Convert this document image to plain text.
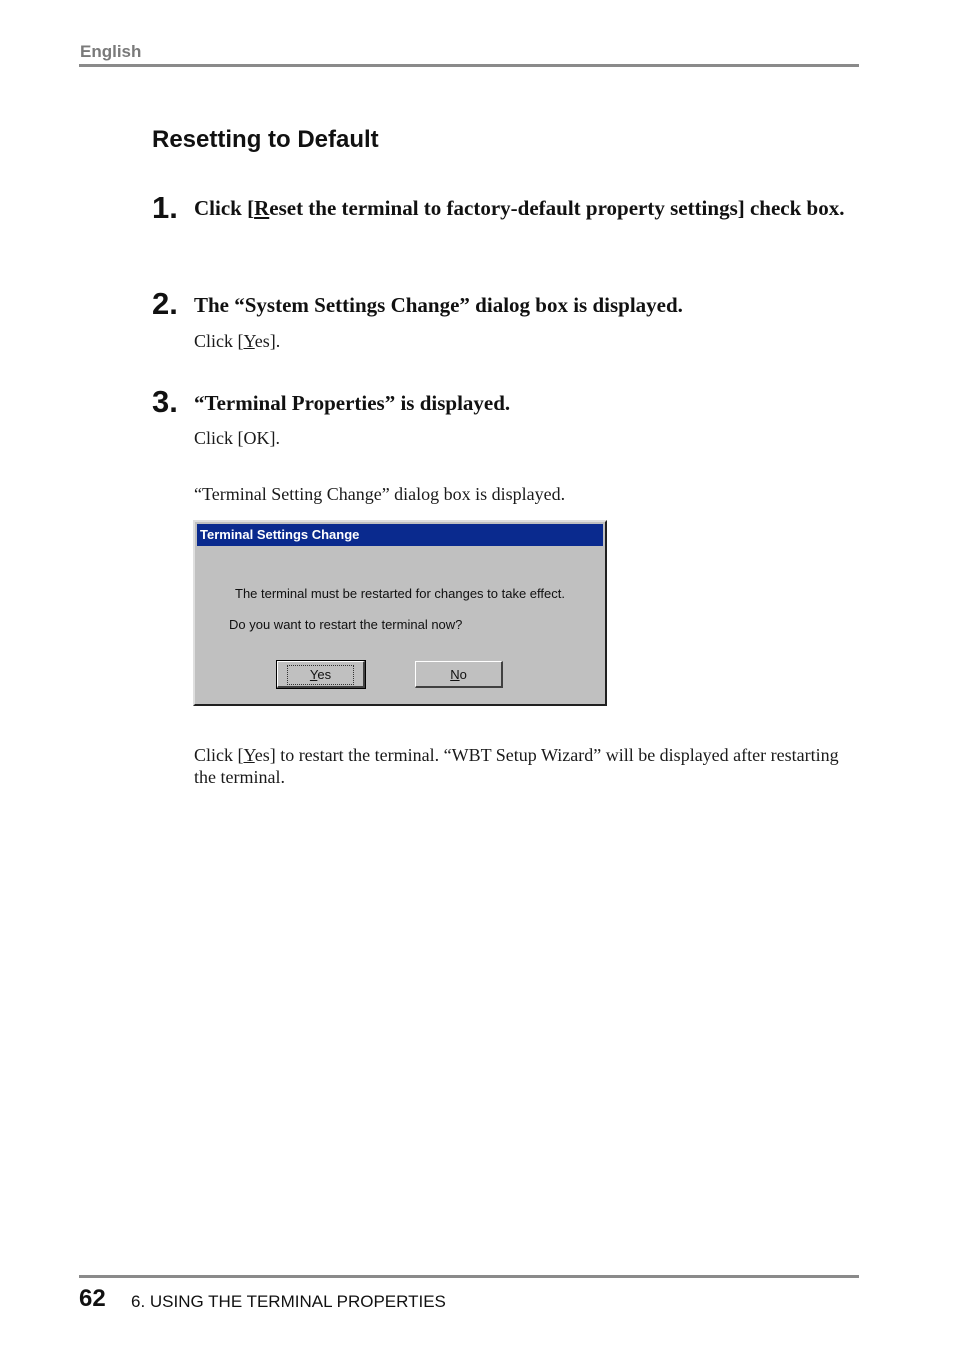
English
Resetting to Default
1. Click [Reset the terminal to factory-default property settings] check box.
2. The “System Settings Change” dialog box is displayed.
Click [Yes].
3. “Terminal Properties” is displayed.
Click [OK].
“Terminal Setting Change” dialog box is displayed.
Terminal Settings Change
The terminal must be restarted for changes to take effect.
Do you want to restart the terminal now?
Yes	No
Click [Yes] to restart the terminal. “WBT Setup Wizard” will be displayed after restarting the terminal.
62 6. USING THE TERMINAL PROPERTIES
